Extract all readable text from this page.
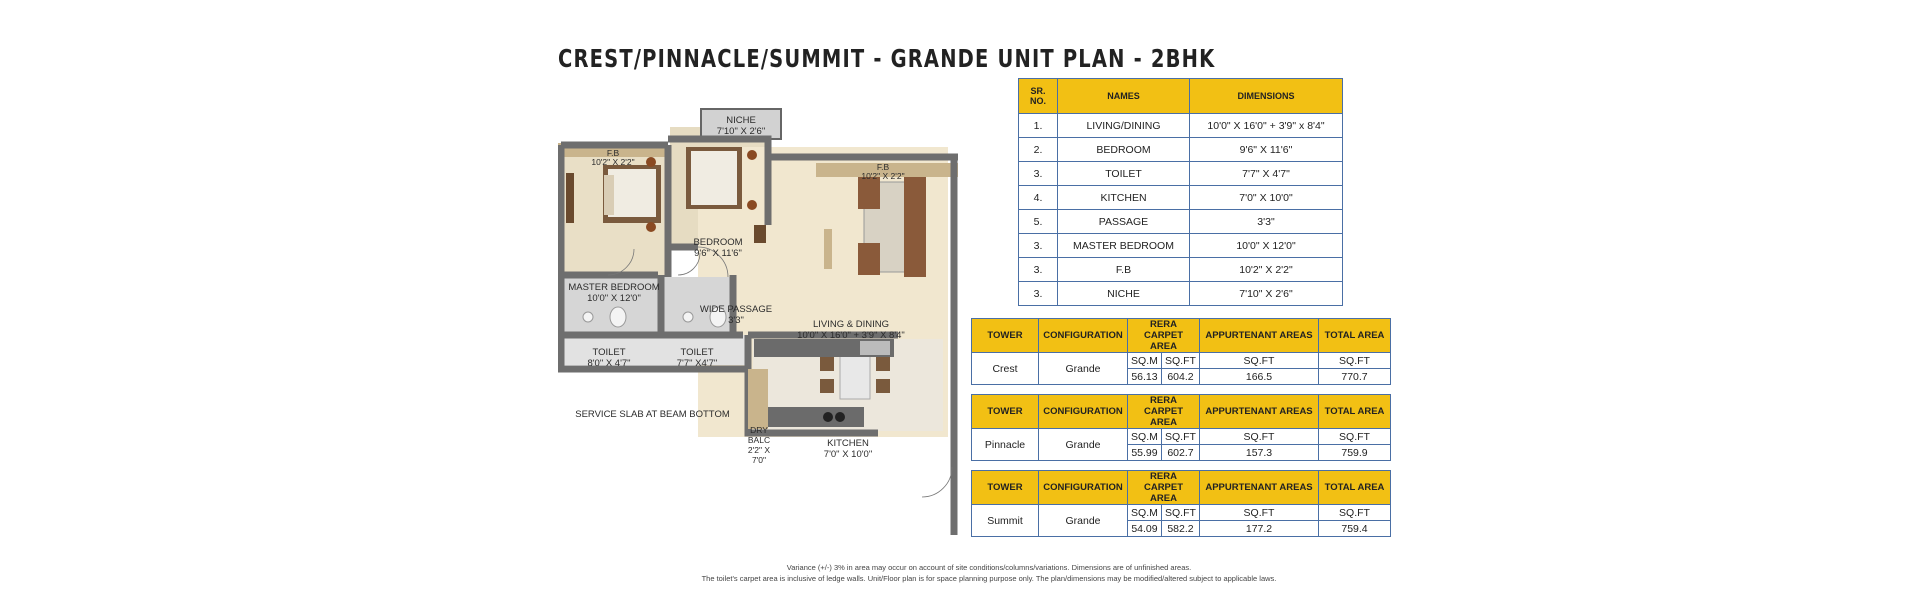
CREST/PINNACLE/SUMMIT - GRANDE UNIT PLAN - 2BHK
NICHE
7'10" X 2'6"
F.B
10'2" X 2'2"	F.B
10'2" X 2'2"
BEDROOM
9'6" X 11'6"
MASTER BEDROOM
10'0" X 12'0"
WIDE PASSAGE
3'3"	LIVING & DINING
10'0" X 16'0" + 3'9" X 8'4"
TOILET
8'0" X 4'7"
TOILET
7'7" X4'7"
SERVICE SLAB AT BEAM BOTTOM
DRY BALC
2'2" X 7'0"
KITCHEN
7'0" X 10'0"
SR. NO.	NAMES	DIMENSIONS
1.	LIVING/DINING	10'0" X 16'0" + 3'9" x 8'4"
2.	BEDROOM	9'6" X 11'6"
3.	TOILET	7'7" X 4'7"
4.	KITCHEN	7'0" X 10'0"
5.	PASSAGE	3'3"
3.	MASTER BEDROOM	10'0" X 12'0"
3.	F.B	10'2" X 2'2"
3.	NICHE	7'10" X 2'6"
TOWER	CONFIGURATION	RERA CARPET AREA		APPURTENANT AREAS	TOTAL AREA
Crest	Grande	SQ.M	SQ.FT	SQ.FT	SQ.FT
		56.13	604.2	166.5	770.7
TOWER	CONFIGURATION	RERA CARPET AREA		APPURTENANT AREAS	TOTAL AREA
Pinnacle	Grande	SQ.M	SQ.FT	SQ.FT	SQ.FT
		55.99	602.7	157.3	759.9
TOWER	CONFIGURATION	RERA CARPET AREA		APPURTENANT AREAS	TOTAL AREA
Summit	Grande	SQ.M	SQ.FT	SQ.FT	SQ.FT
		54.09	582.2	177.2	759.4
Variance (+/-) 3% in area may occur on account of site conditions/columns/variations. Dimensions are of unfinished areas.
The toilet's carpet area is inclusive of ledge walls. Unit/Floor plan is for space planning purpose only. The plan/dimensions may be modified/altered subject to applicable laws.
